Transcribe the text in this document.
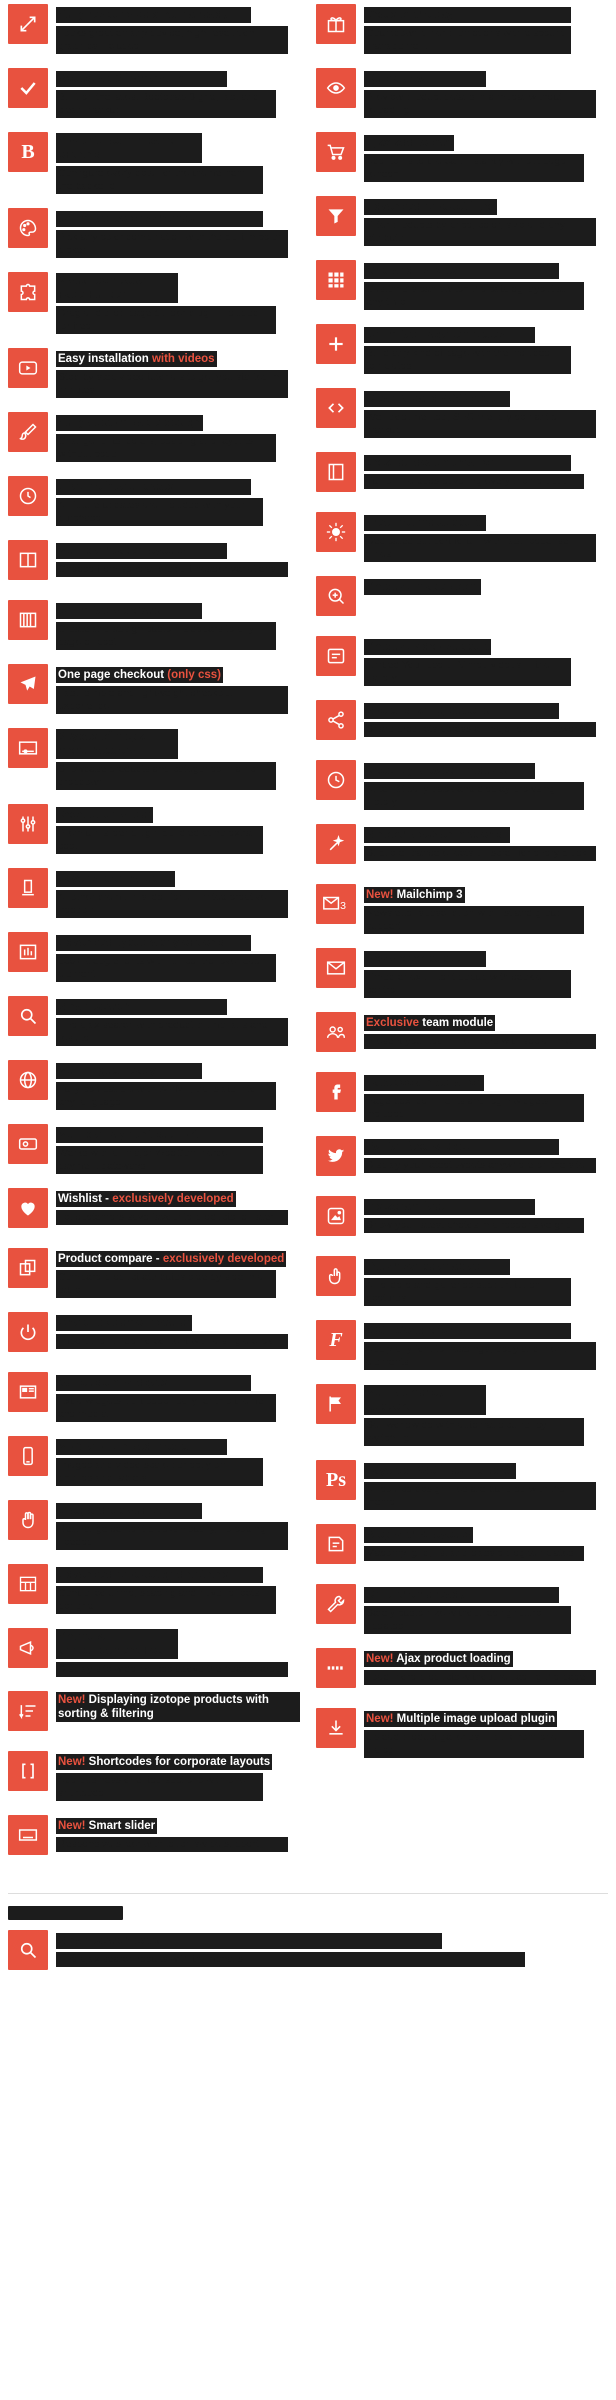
Fully responsive & retina ready
Looks great on any device, high resolution graphics included.
Bootstrap 3 framework
Built on the latest Bootstrap 3 grid, fast and clean markup.
B Powerful admin panel options
Configure every detail of the theme from the backend.
Unlimited color schemes
Pick any color combination with the built in color picker.
Visual composer page builder
Drag and drop page builder plugin included for free.
Easy installation with videos
Step by step video tutorials to get you started in minutes.
Fully customizable design
Change fonts, colors, spacing and layouts without code.
Lifetime free updates
All future updates are included with your purchase.
Multiple header layouts
Choose from several prebuilt header variations.
Unlimited sidebars
Create and assign custom sidebars to any page or post.
One page checkout (only css)
Fast, simple and lightweight checkout experience.
3 types of mega menu headers
Showcase products and categories in a rich dropdown.
Revolution slider
Premium slider plugin bundled at no extra cost.
Layer slider included
Another premium slider for unlimited creative freedom.
Advanced typography options
600+ Google fonts with full control over each element.
Smart search
Live ajax search with product thumbnails and results.
Multilingual ready
Fully compatible with WPML, translate into any language.
Multiple payment support
Works with all major WooCommerce payment gateways.
Wishlist - exclusively developed
Let customers save favourite products for later.
Product compare - exclusively developed
Compare product attributes side by side in a table.
One click demo installer
Import the full demo content with a single click.
50+ custom widgets
Extra widgets built specifically for this theme and media.
Mobile optimized media
Images and video scale perfectly on phones and tablets.
Drag & drop support
Rearrange content blocks visually, no coding needed.
Advanced product grid options
Control columns, spacing and hover effects per grid.
Promo & announcement box
Display site wide notices above the header area.
New! Displaying izotope products with sorting & filtering
New! Shortcodes for corporate layouts
Add business oriented sections with one shortcode.
New! Smart slider
Responsive slider with touch swipe support.
Deals of the day
Countdown timer promotions with discount management.
Quick view
Preview product details in a modal without reloading.
Ajax add to cart
Add items to the cart instantly without page refresh.
Advanced product filter
Filter products by price, color, size and any attribute.
Grid and list view
Customers can switch the catalog layout at any time.
Unlimited page templates
Build any kind of page with the included templates.
Clean & valid W3C code
Well documented, SEO friendly semantic markup.
Detailed documentation
Full online docs covering every theme option.
Free lifetime support
Dedicated support forum with fast response times.
Product image zoom
Product video support
Embed YouTube or Vimeo videos in the gallery.
Social sharing buttons
Share products across all major social networks.
Recently viewed products
Automatically track and display browsing history.
Smooth css3 animations
Subtle entrance effects on scroll for every block.
3
New! Mailchimp 3
Newsletter subscription with list and group support.
Newsletter popup
Timed or exit intent popup with cookie control.
Exclusive team module
Present your team members with social links.
Facebook integration
Page box, comments and login widgets included.
Twitter feed widget
Display your latest tweets anywhere on the site.
Instagram feed
Show your latest photos in a responsive grid.
Touch swipe enabled
All sliders and galleries support touch gestures.
F 600+ Google fonts
Apply any font to headings, body and menu elements.
Multi currency support
Sell worldwide with automatic currency switching.
Ps Layered PSD files included
All source design files are bundled with the theme.
Blog with 4 layouts
Masonry, grid, list and classic blog templates.
Child theme ready
Safely customize without losing future updates.
New! Ajax product loading
Load more products without reloading the page.
New! Multiple image upload plugin
Upload product galleries in bulk from one dialog.
Smart search extra
Live ajax search results with thumbnails
